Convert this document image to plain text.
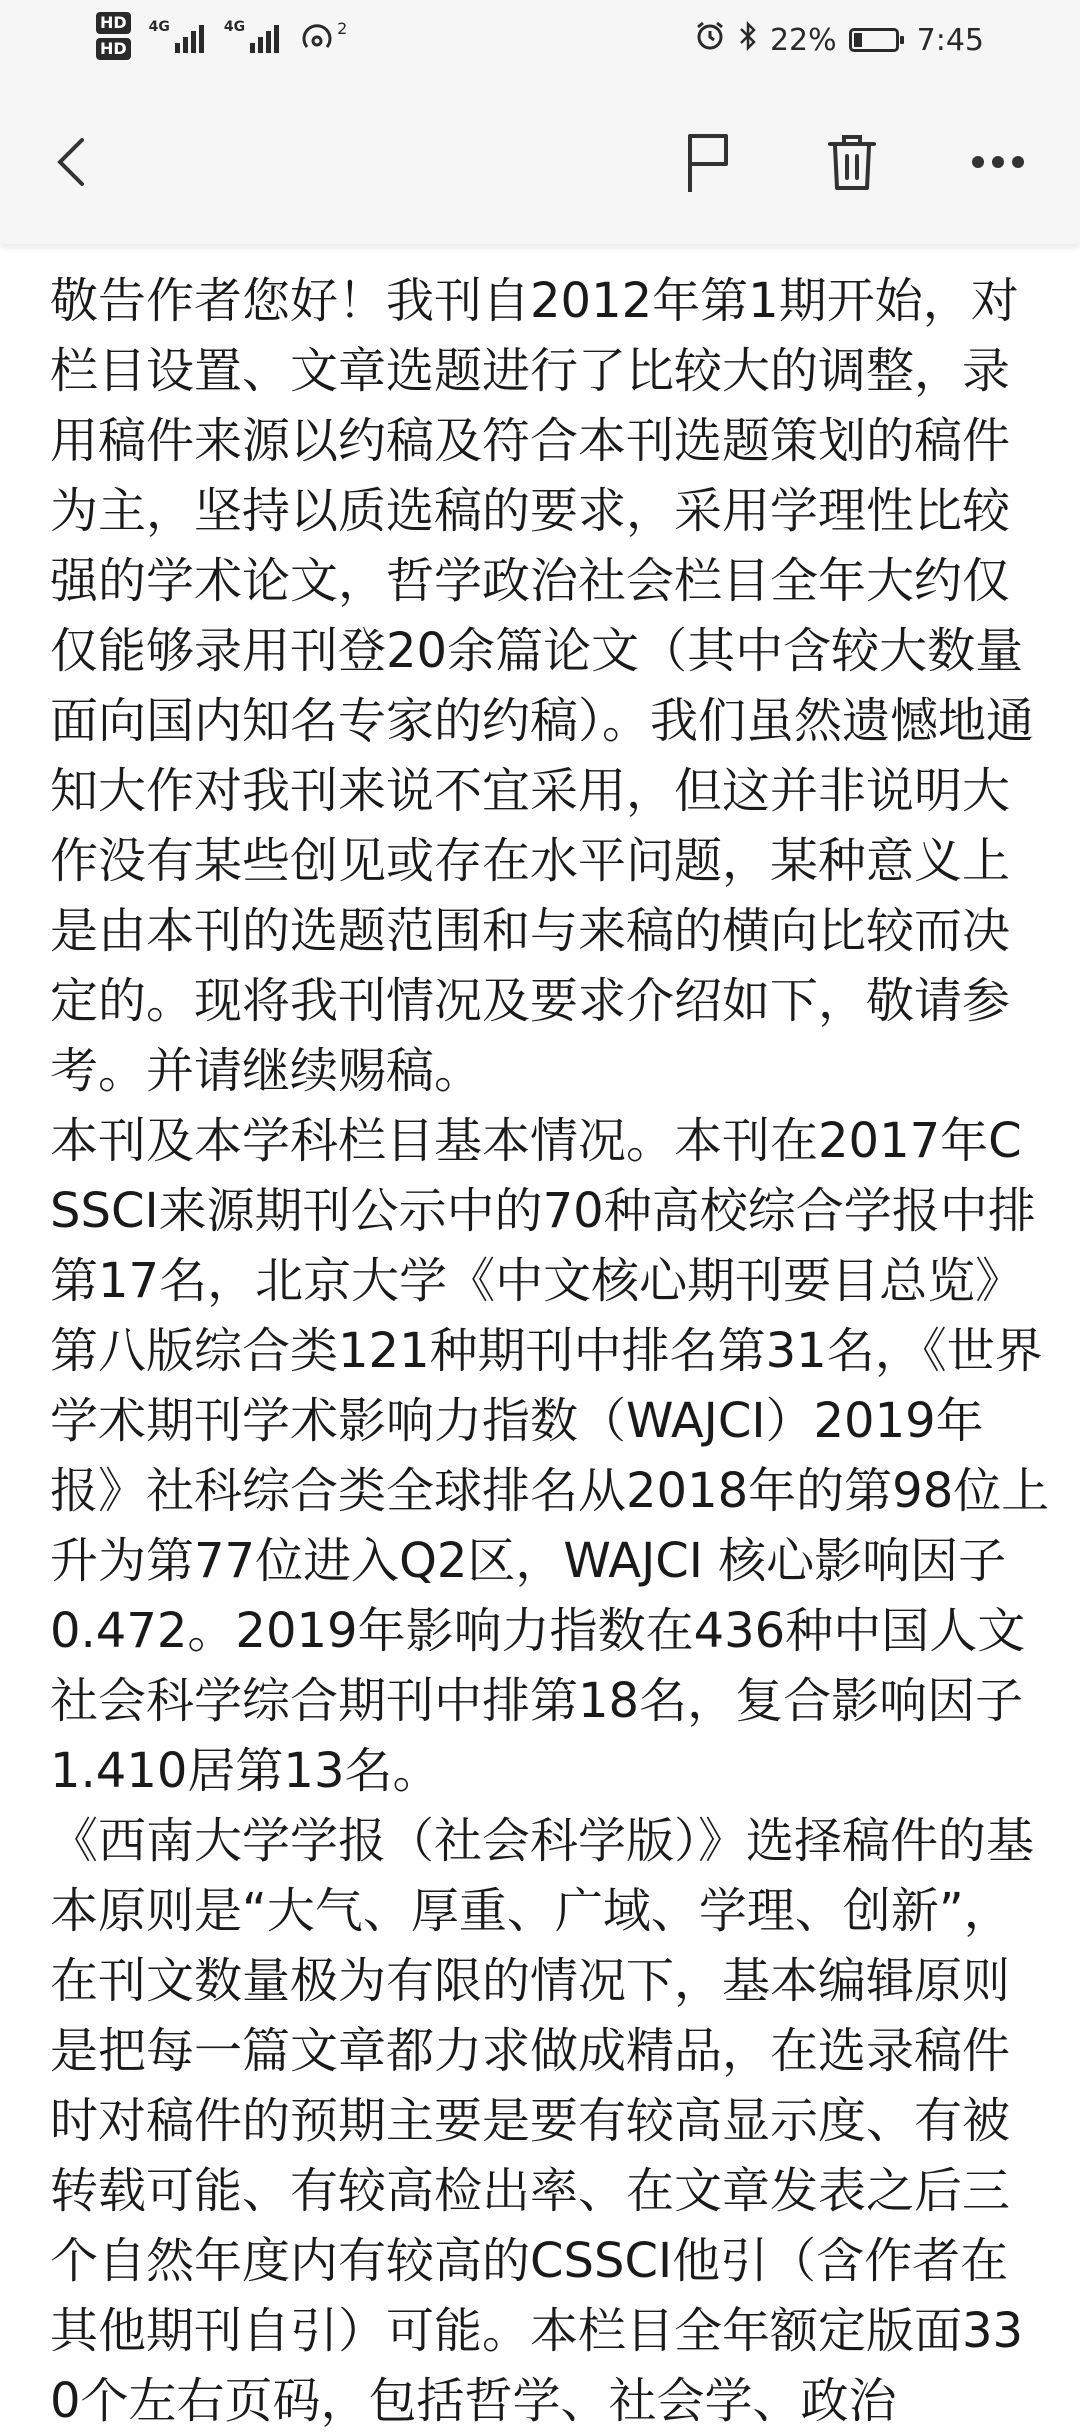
HD
HD
4G	4G	2	22%	7:45

敬告作者您好！我刊自2012年第1期开始，对栏目设置、文章选题进行了比较大的调整，录用稿件来源以约稿及符合本刊选题策划的稿件为主，坚持以质选稿的要求，采用学理性比较强的学术论文，哲学政治社会栏目全年大约仅仅能够录用刊登20余篇论文（其中含较大数量面向国内知名专家的约稿）。我们虽然遗憾地通知大作对我刊来说不宜采用，但这并非说明大作没有某些创见或存在水平问题，某种意义上是由本刊的选题范围和与来稿的横向比较而决定的。现将我刊情况及要求介绍如下，敬请参考。并请继续赐稿。

本刊及本学科栏目基本情况。本刊在2017年CSSCI来源期刊公示中的70种高校综合学报中排第17名，北京大学《中文核心期刊要目总览》第八版综合类121种期刊中排名第31名，《世界学术期刊学术影响力指数（WAJCI）2019年报》社科综合类全球排名从2018年的第98位上升为第77位进入Q2区，WAJCI 核心影响因子0.472。2019年影响力指数在436种中国人文社会科学综合期刊中排第18名，复合影响因子1.410居第13名。

《西南大学学报（社会科学版）》选择稿件的基本原则是“大气、厚重、广域、学理、创新”，在刊文数量极为有限的情况下，基本编辑原则是把每一篇文章都力求做成精品，在选录稿件时对稿件的预期主要是要有较高显示度、有被转载可能、有较高检出率、在文章发表之后三个自然年度内有较高的CSSCI他引（含作者在其他期刊自引）可能。本栏目全年额定版面330个左右页码，包括哲学、社会学、政治
